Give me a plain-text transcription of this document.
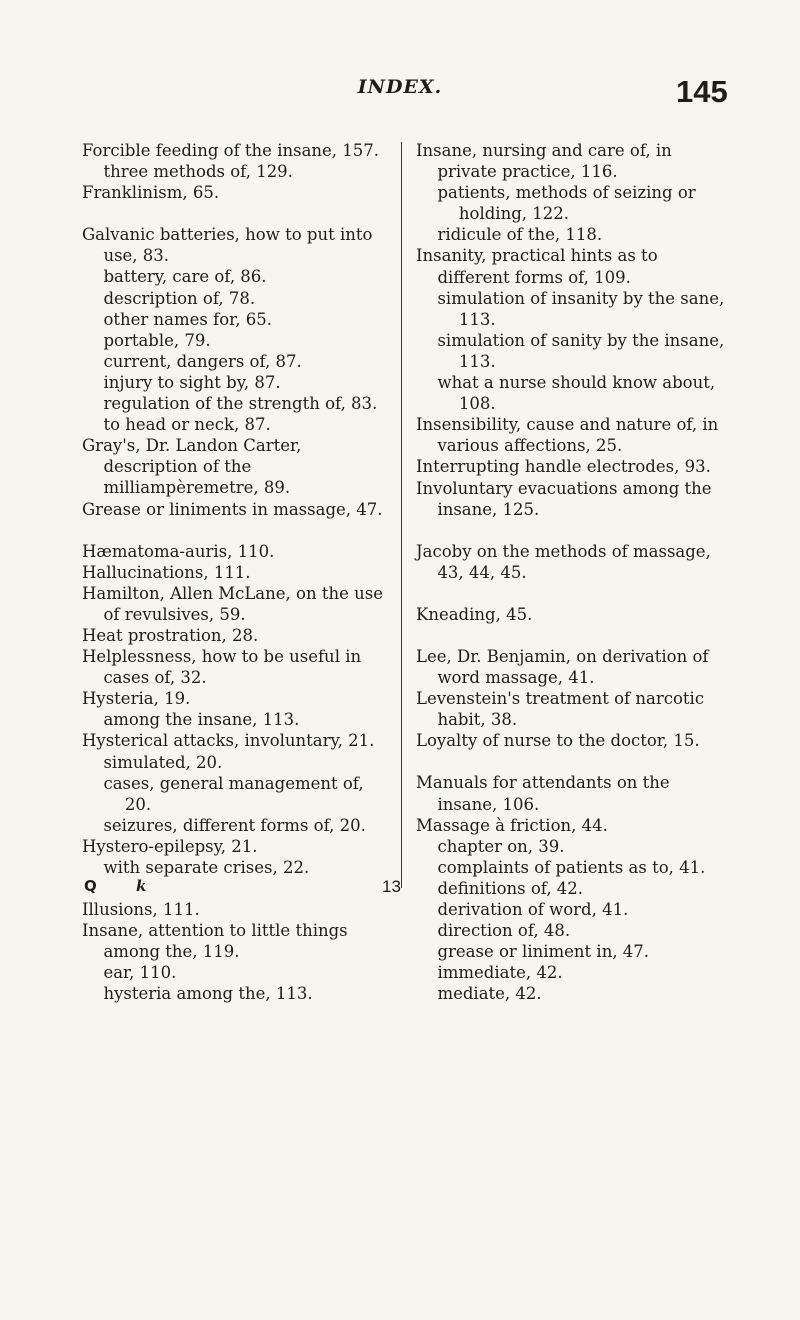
INDEX.	145
Forcible feeding of the insane, 157.
three methods of, 129.
Franklinism, 65.
Galvanic batteries, how to put into use, 83.
battery, care of, 86.
description of, 78.
other names for, 65.
portable, 79.
current, dangers of, 87.
injury to sight by, 87.
regulation of the strength of, 83.
to head or neck, 87.
Gray's, Dr. Landon Carter, description of the milliampèremetre, 89.
Grease or liniments in massage, 47.
Hæmatoma-auris, 110.
Hallucinations, 111.
Hamilton, Allen McLane, on the use of revulsives, 59.
Heat prostration, 28.
Helplessness, how to be useful in cases of, 32.
Hysteria, 19.
among the insane, 113.
Hysterical attacks, involuntary, 21.
simulated, 20.
cases, general management of, 20.
seizures, different forms of, 20.
Hystero-epilepsy, 21.
with separate crises, 22.
Illusions, 111.
Insane, attention to little things among the, 119.
ear, 110.
hysteria among the, 113.
Insane, nursing and care of, in private practice, 116.
patients, methods of seizing or holding, 122.
ridicule of the, 118.
Insanity, practical hints as to different forms of, 109.
simulation of insanity by the sane, 113.
simulation of sanity by the insane, 113.
what a nurse should know about, 108.
Insensibility, cause and nature of, in various affections, 25.
Interrupting handle electrodes, 93.
Involuntary evacuations among the insane, 125.
Jacoby on the methods of massage, 43, 44, 45.
Kneading, 45.
Lee, Dr. Benjamin, on derivation of word massage, 41.
Levenstein's treatment of narcotic habit, 38.
Loyalty of nurse to the doctor, 15.
Manuals for attendants on the insane, 106.
Massage à friction, 44.
chapter on, 39.
complaints of patients as to, 41.
definitions of, 42.
derivation of word, 41.
direction of, 48.
grease or liniment in, 47.
immediate, 42.
mediate, 42.
Q	k	13
